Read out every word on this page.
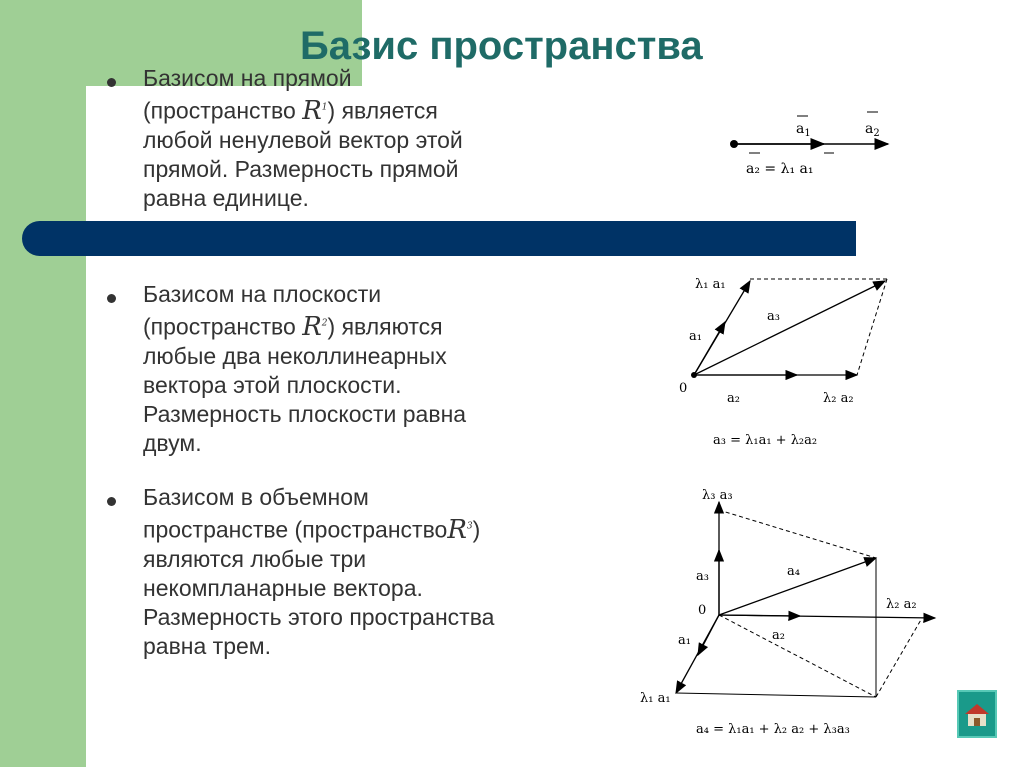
Базис пространства
Базисом на прямой
(пространство $R^1$) является
любой ненулевой вектор этой
прямой. Размерность прямой
равна единице.
Базисом на плоскости
(пространство $R^2$) являются
любые два неколлинеарных
вектора этой плоскости.
Размерность плоскости равна
двум.
Базисом в объемном
пространстве (пространствоR$^3$)
являются любые три
некомпланарные вектора.
Размерность этого пространства
равна трем.
$a_1$	$a_2$
a₂ = λ₁ a₁
0
λ₁ a₁
a₃
a₁
a₂	λ₂ a₂
a₃ = λ₁a₁ + λ₂a₂
0
λ₃ a₃
a₃	a₄
a₂
a₁
λ₂ a₂
λ₁ a₁
a₄ = λ₁a₁ + λ₂ a₂ + λ₃a₃
